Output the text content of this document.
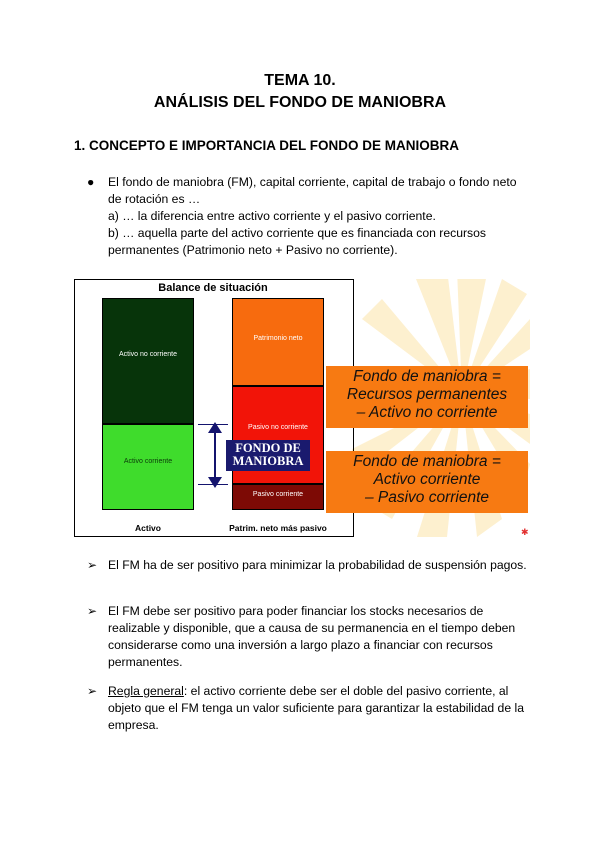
TEMA 10.
ANÁLISIS DEL FONDO DE MANIOBRA
1. CONCEPTO E IMPORTANCIA DEL FONDO DE MANIOBRA
● El fondo de maniobra (FM), capital corriente, capital de trabajo o fondo neto de rotación es …
a) … la diferencia entre activo corriente y el pasivo corriente.
b) … aquella parte del activo corriente que es financiada con recursos permanentes (Patrimonio neto + Pasivo no corriente).
Balance de situación
Activo no corriente
Activo corriente
Patrimonio neto
Pasivo no corriente
Pasivo corriente
FONDO DE
MANIOBRA
Activo	Patrim. neto más pasivo
Fondo de maniobra =
Recursos permanentes
– Activo no corriente
Fondo de maniobra =
Activo corriente
– Pasivo corriente
✱
➢ El FM ha de ser positivo para minimizar la probabilidad de suspensión pagos.
➢ El FM debe ser positivo para poder financiar los stocks necesarios de realizable y disponible, que a causa de su permanencia en el tiempo deben considerarse como una inversión a largo plazo a financiar con recursos permanentes.
➢ Regla general: el activo corriente debe ser el doble del pasivo corriente, al objeto que el FM tenga un valor suficiente para garantizar la estabilidad de la empresa.
